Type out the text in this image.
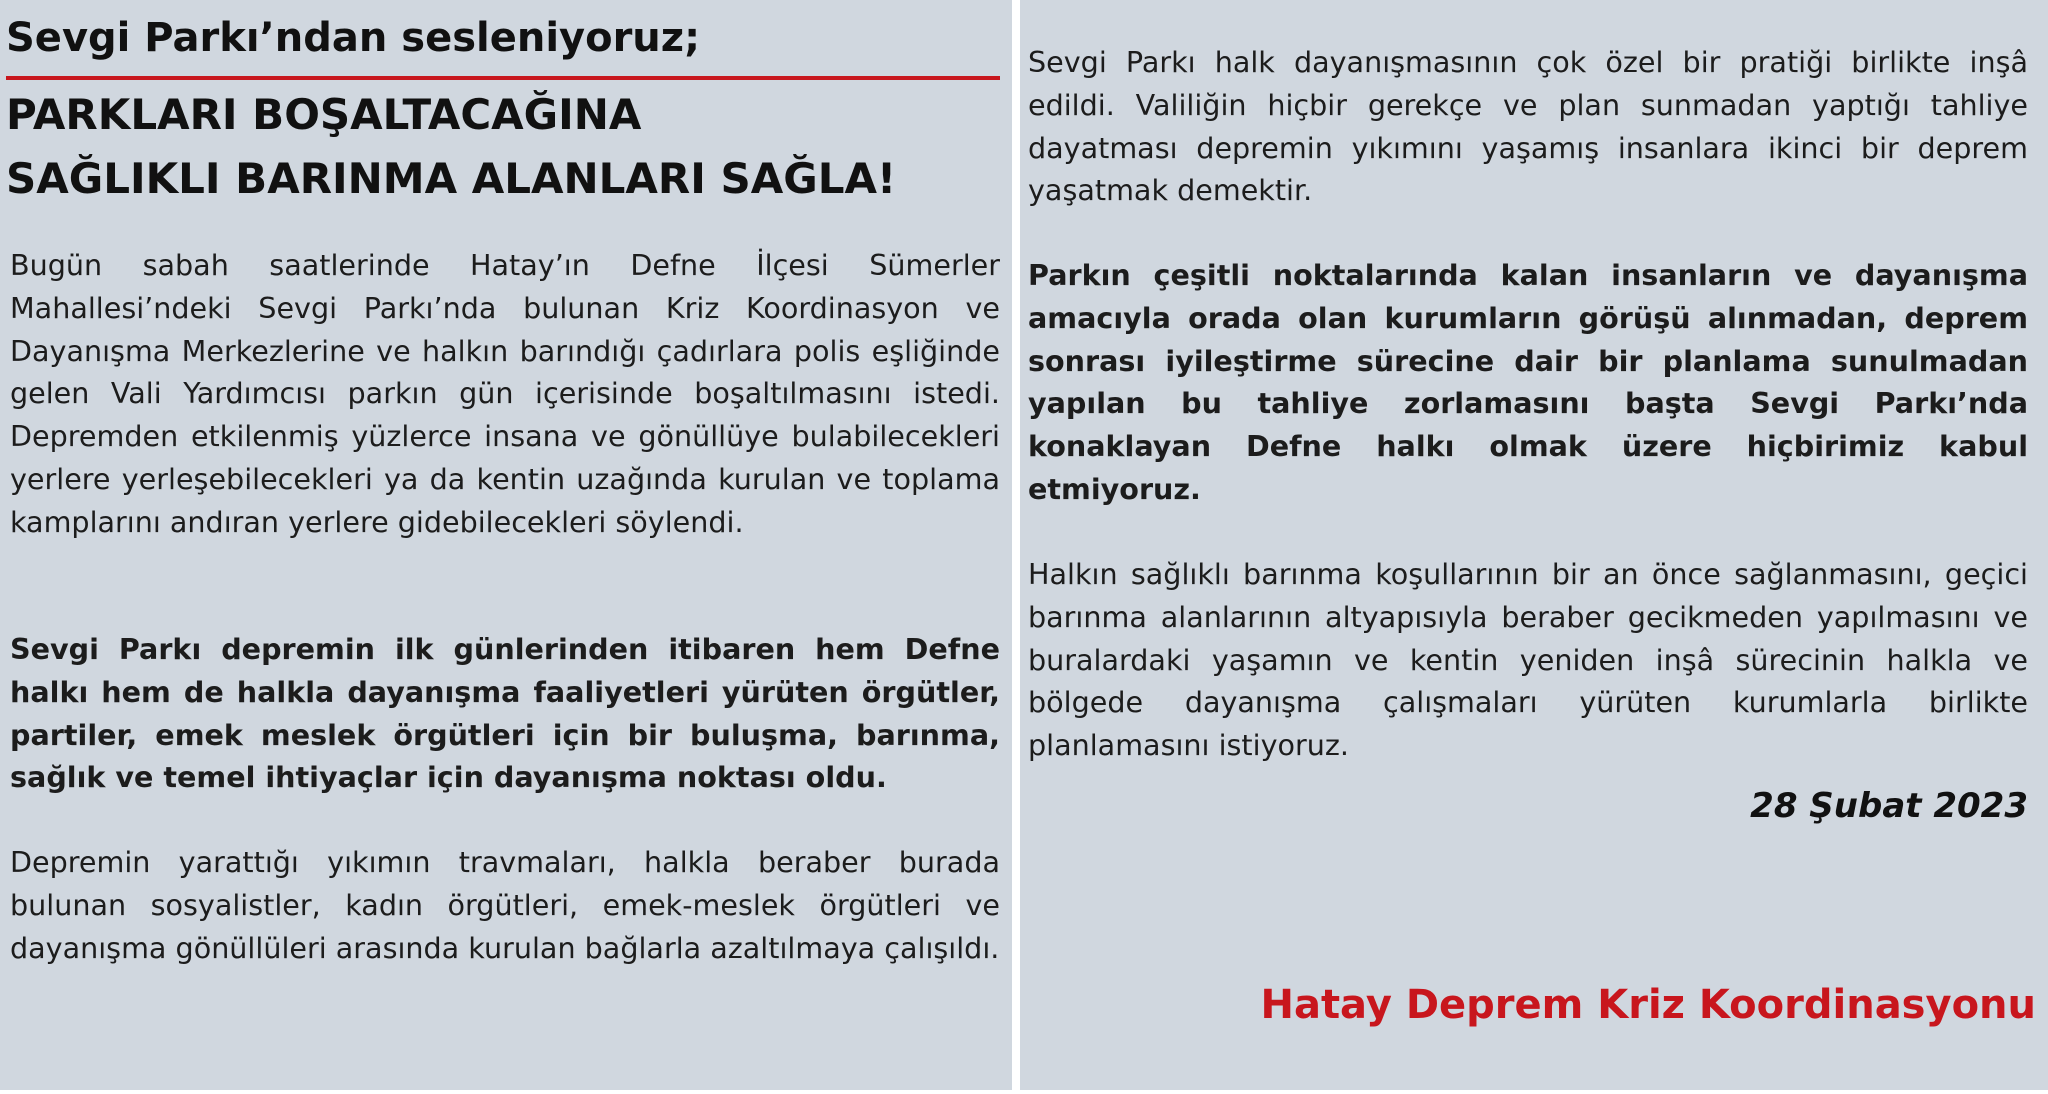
Sevgi Parkı’ndan sesleniyoruz;
PARKLARI BOŞALTACAĞINA
SAĞLIKLI BARINMA ALANLARI SAĞLA!

Bugün sabah saatlerinde Hatay’ın Defne İlçesi Sümerler Mahallesi’ndeki Sevgi Parkı’nda bulunan Kriz Koordinasyon ve Dayanışma Merkezlerine ve halkın barındığı çadırlara polis eşliğinde gelen Vali Yardımcısı parkın gün içerisinde boşaltılmasını istedi. Depremden etkilenmiş yüzlerce insana ve gönüllüye bulabilecekleri yerlere yerleşebilecekleri ya da kentin uzağında kurulan ve toplama kamplarını andıran yerlere gidebilecekleri söylendi.

Sevgi Parkı depremin ilk günlerinden itibaren hem Defne halkı hem de halkla dayanışma faaliyetleri yürüten örgütler, partiler, emek meslek örgütleri için bir buluşma, barınma, sağlık ve temel ihtiyaçlar için dayanışma noktası oldu.

Depremin yarattığı yıkımın travmaları, halkla beraber burada bulunan sosyalistler, kadın örgütleri, emek-meslek örgütleri ve dayanışma gönüllüleri arasında kurulan bağlarla azaltılmaya çalışıldı.

Sevgi Parkı halk dayanışmasının çok özel bir pratiği birlikte inşâ edildi. Valiliğin hiçbir gerekçe ve plan sunmadan yaptığı tahliye dayatması depremin yıkımını yaşamış insanlara ikinci bir deprem yaşatmak demektir.

Parkın çeşitli noktalarında kalan insanların ve dayanışma amacıyla orada olan kurumların görüşü alınmadan, deprem sonrası iyileştirme sürecine dair bir planlama sunulmadan yapılan bu tahliye zorlamasını başta Sevgi Parkı’nda konaklayan Defne halkı olmak üzere hiçbirimiz kabul etmiyoruz.

Halkın sağlıklı barınma koşullarının bir an önce sağlanmasını, geçici barınma alanlarının altyapısıyla beraber gecikmeden yapılmasını ve buralardaki yaşamın ve kentin yeniden inşâ sürecinin halkla ve bölgede dayanışma çalışmaları yürüten kurumlarla birlikte planlamasını istiyoruz.

28 Şubat 2023

Hatay Deprem Kriz Koordinasyonu
